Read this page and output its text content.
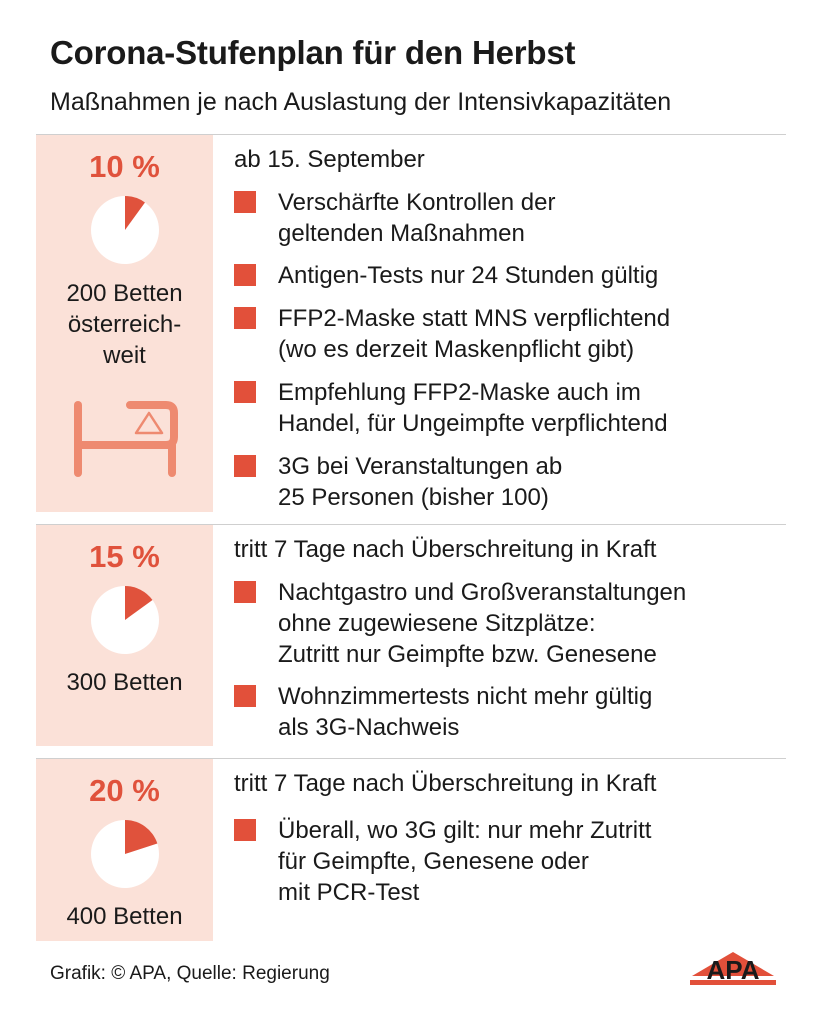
Corona-Stufenplan für den Herbst
Maßnahmen je nach Auslastung der Intensivkapazitäten
10 %
200 Betten
österreich-
weit
ab 15. September
Verschärfte Kontrollen der
geltenden Maßnahmen
Antigen-Tests nur 24 Stunden gültig
FFP2-Maske statt MNS verpflichtend
(wo es derzeit Maskenpflicht gibt)
Empfehlung FFP2-Maske auch im
Handel, für Ungeimpfte verpflichtend
3G bei Veranstaltungen ab
25 Personen (bisher 100)
15 %
300 Betten
tritt 7 Tage nach Überschreitung in Kraft
Nachtgastro und Großveranstaltungen
ohne zugewiesene Sitzplätze:
Zutritt nur Geimpfte bzw. Genesene
Wohnzimmertests nicht mehr gültig
als 3G-Nachweis
20 %
400 Betten
tritt 7 Tage nach Überschreitung in Kraft
Überall, wo 3G gilt: nur mehr Zutritt
für Geimpfte, Genesene oder
mit PCR-Test
Grafik: © APA, Quelle: Regierung	APA
